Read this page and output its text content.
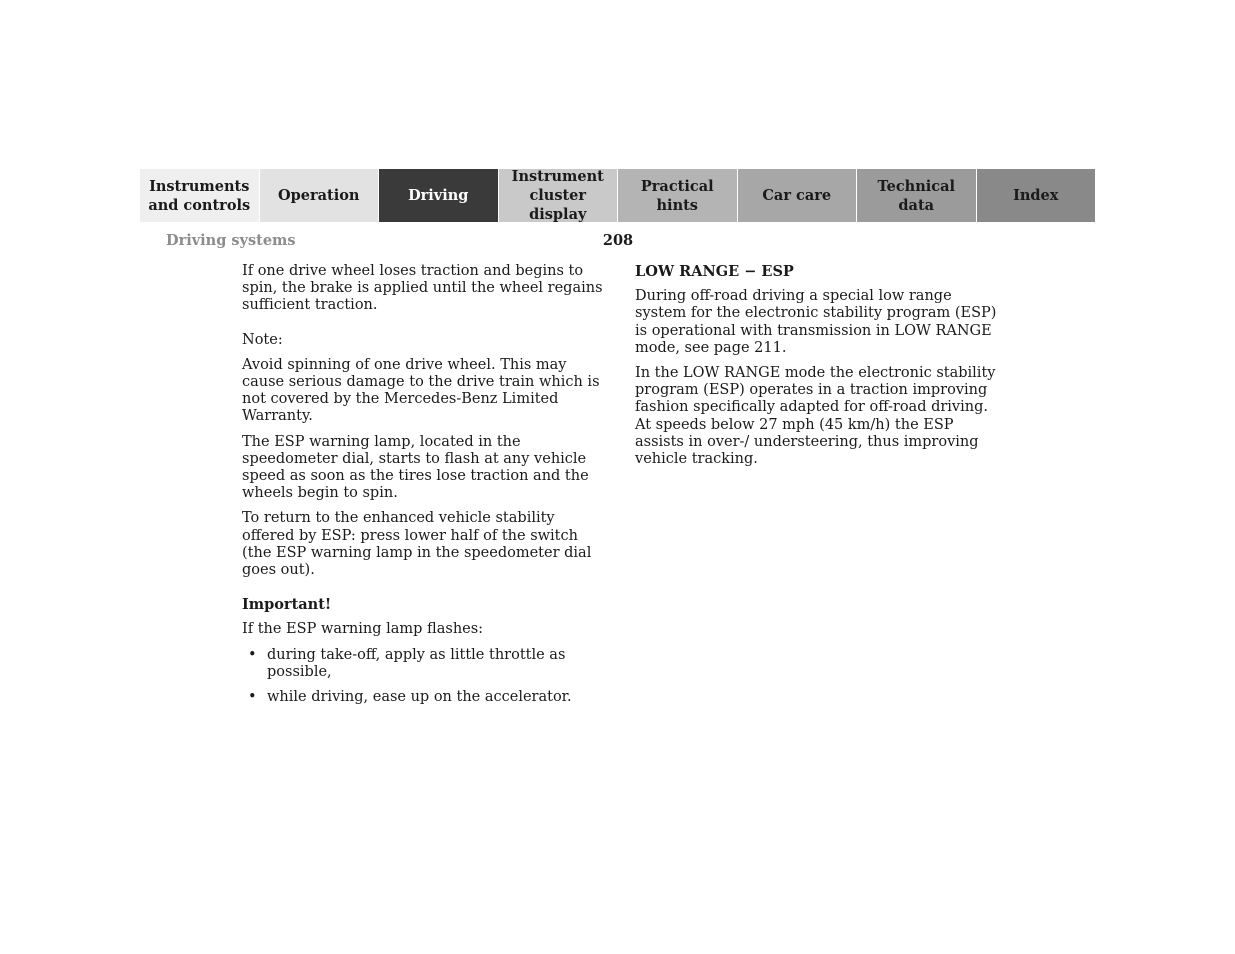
Instruments
and controls
Operation	Driving
Instrument
cluster display
Practical hints
Car care
Technical
data
Index
Driving systems	208

If one drive wheel loses traction and begins to spin, the brake is applied until the wheel regains sufficient traction.

Note:

Avoid spinning of one drive wheel. This may cause serious damage to the drive train which is not covered by the Mercedes-Benz Limited Warranty.

The ESP warning lamp, located in the speedometer dial, starts to flash at any vehicle speed as soon as the tires lose traction and the wheels begin to spin.

To return to the enhanced vehicle stability offered by ESP: press lower half of the switch (the ESP warning lamp in the speedometer dial goes out).

Important!

If the ESP warning lamp flashes:

• during take-off, apply as little throttle as possible,
• while driving, ease up on the accelerator.

LOW RANGE − ESP

During off-road driving a special low range system for the electronic stability program (ESP) is operational with transmission in LOW RANGE mode, see page 211.

In the LOW RANGE mode the electronic stability program (ESP) operates in a traction improving fashion specifically adapted for off-road driving. At speeds below 27 mph (45 km/h) the ESP assists in over-/ understeering, thus improving vehicle tracking.
